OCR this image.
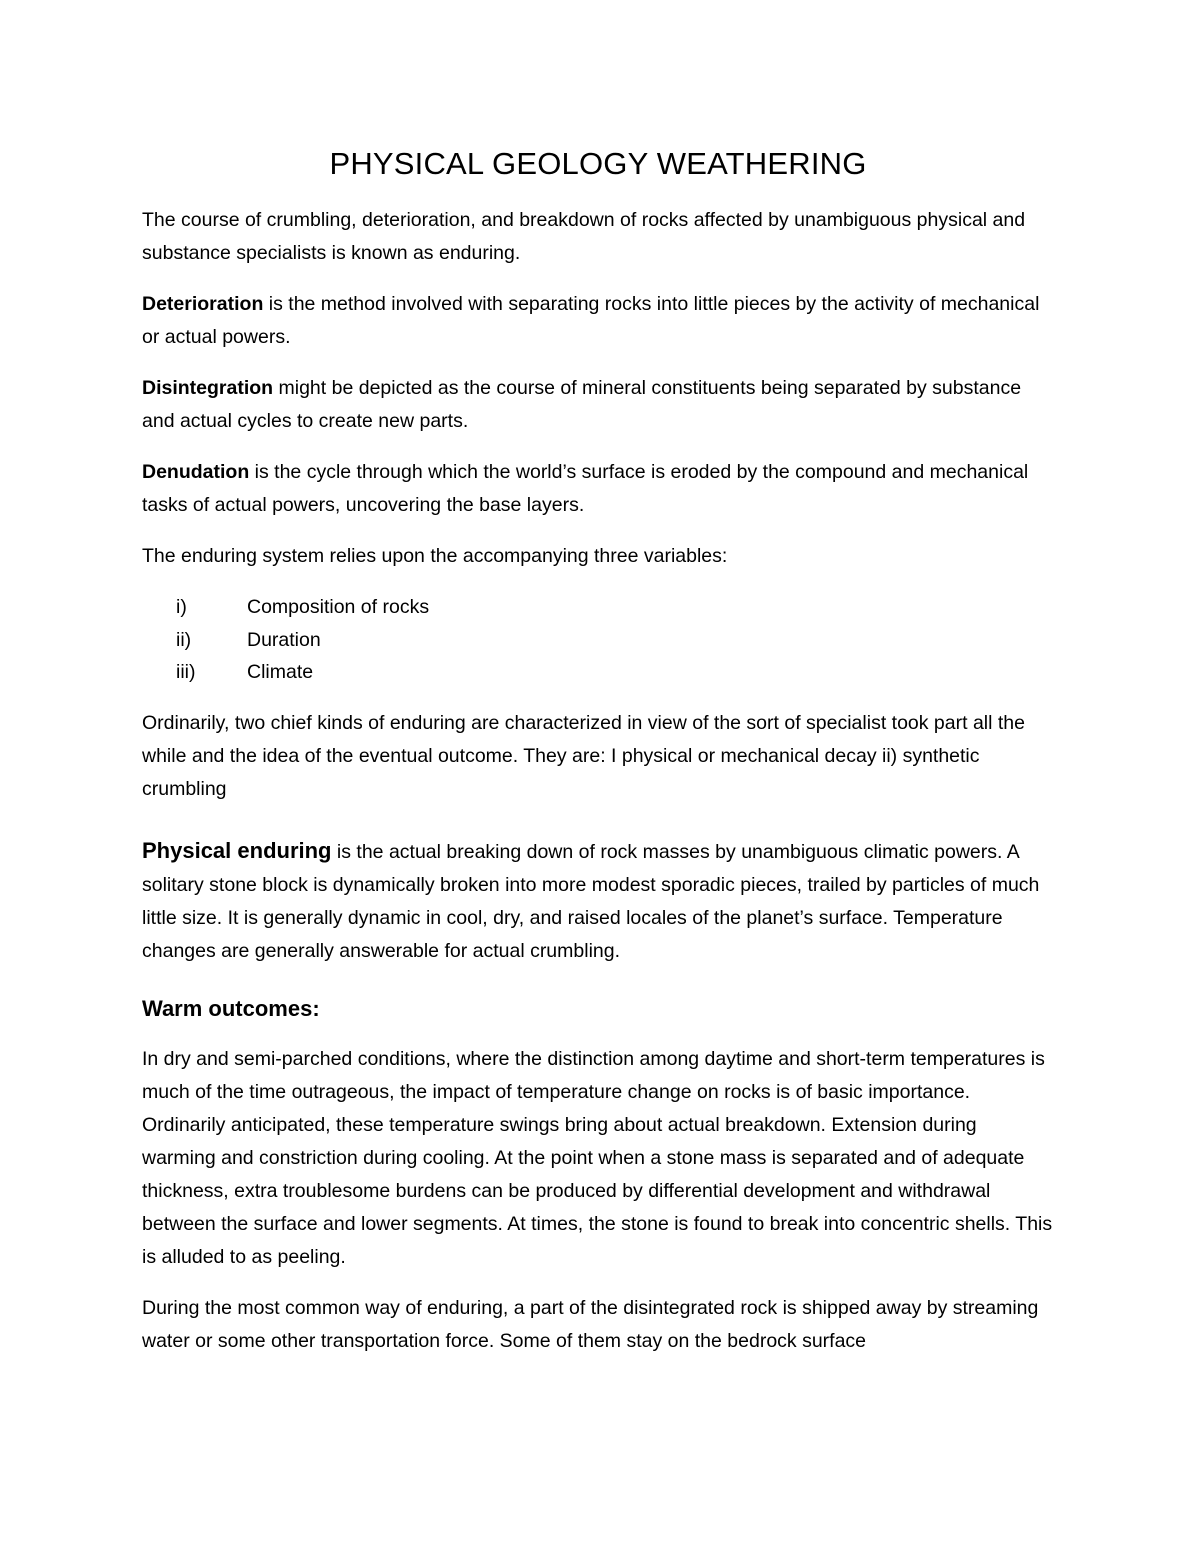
PHYSICAL GEOLOGY WEATHERING

The course of crumbling, deterioration, and breakdown of rocks affected by unambiguous physical and substance specialists is known as enduring.

Deterioration is the method involved with separating rocks into little pieces by the activity of mechanical or actual powers.

Disintegration might be depicted as the course of mineral constituents being separated by substance and actual cycles to create new parts.

Denudation is the cycle through which the world’s surface is eroded by the compound and mechanical tasks of actual powers, uncovering the base layers.

The enduring system relies upon the accompanying three variables:

i)	Composition of rocks
ii)	Duration
iii)	Climate

Ordinarily, two chief kinds of enduring are characterized in view of the sort of specialist took part all the while and the idea of the eventual outcome. They are: I physical or mechanical decay ii) synthetic crumbling

Physical enduring is the actual breaking down of rock masses by unambiguous climatic powers. A solitary stone block is dynamically broken into more modest sporadic pieces, trailed by particles of much little size. It is generally dynamic in cool, dry, and raised locales of the planet’s surface. Temperature changes are generally answerable for actual crumbling.

Warm outcomes:

In dry and semi-parched conditions, where the distinction among daytime and short-term temperatures is much of the time outrageous, the impact of temperature change on rocks is of basic importance. Ordinarily anticipated, these temperature swings bring about actual breakdown. Extension during warming and constriction during cooling. At the point when a stone mass is separated and of adequate thickness, extra troublesome burdens can be produced by differential development and withdrawal between the surface and lower segments. At times, the stone is found to break into concentric shells. This is alluded to as peeling.

During the most common way of enduring, a part of the disintegrated rock is shipped away by streaming water or some other transportation force. Some of them stay on the bedrock surface
